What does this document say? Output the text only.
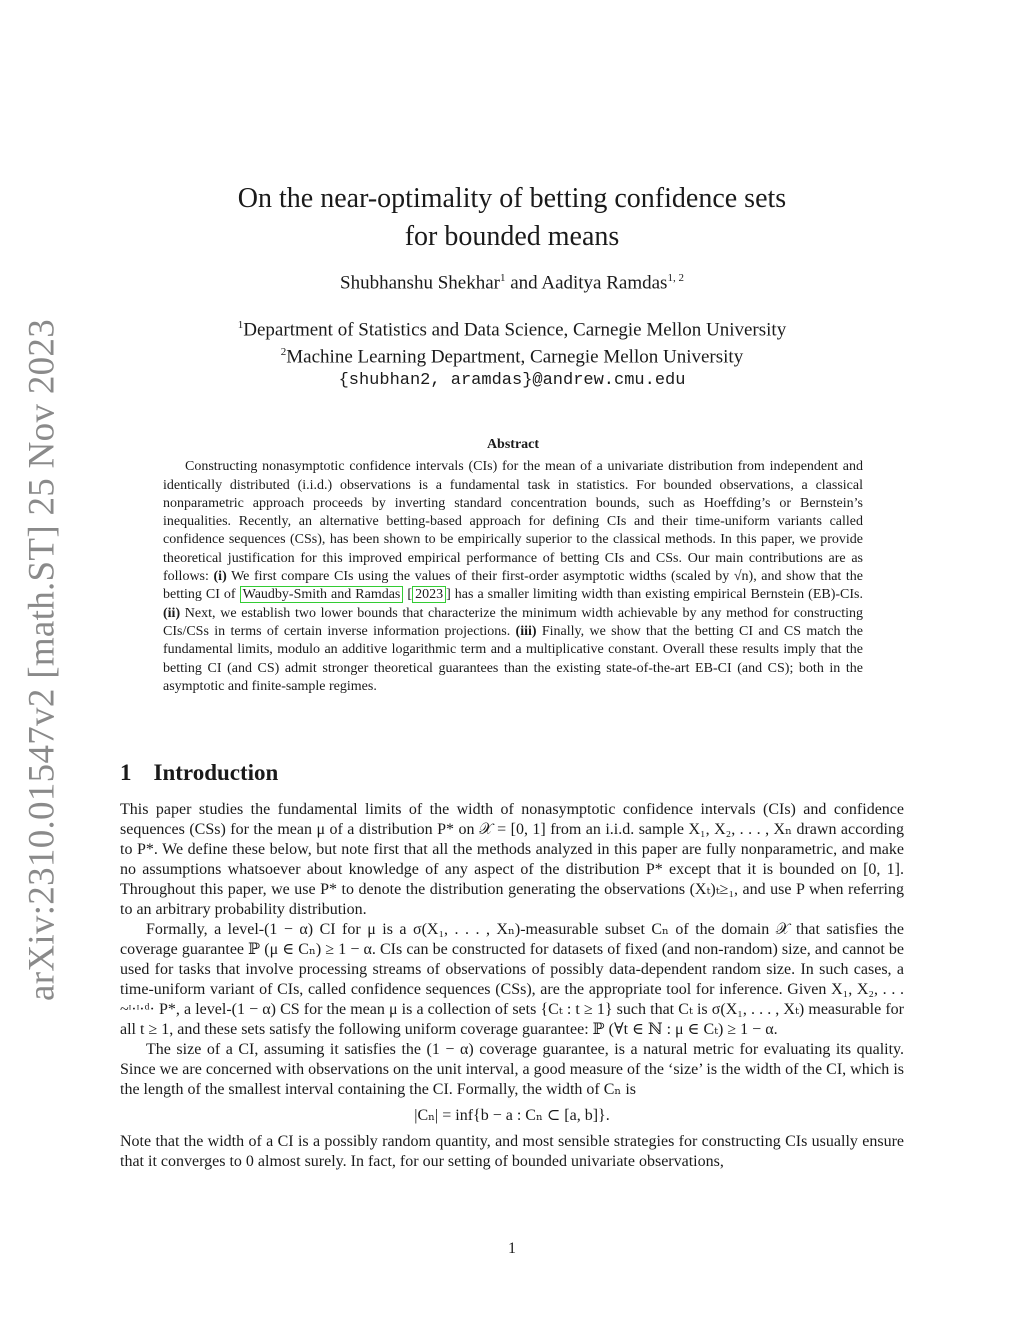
arXiv:2310.01547v2 [math.ST] 25 Nov 2023
On the near-optimality of betting confidence sets
for bounded means
Shubhanshu Shekhar$^1$ and Aaditya Ramdas$^{1, 2}$
$^1$Department of Statistics and Data Science, Carnegie Mellon University
$^2$Machine Learning Department, Carnegie Mellon University
{shubhan2, aramdas}@andrew.cmu.edu
Abstract

Constructing nonasymptotic confidence intervals (CIs) for the mean of a univariate distribution from independent and identically distributed (i.i.d.) observations is a fundamental task in statistics. For bounded observations, a classical nonparametric approach proceeds by inverting standard concentration bounds, such as Hoeffding’s or Bernstein’s inequalities. Recently, an alternative betting-based approach for defining CIs and their time-uniform variants called confidence sequences (CSs), has been shown to be empirically superior to the classical methods. In this paper, we provide theoretical justification for this improved empirical performance of betting CIs and CSs. Our main contributions are as follows: (i) We first compare CIs using the values of their first-order asymptotic widths (scaled by √n), and show that the betting CI of Waudby-Smith and Ramdas [ 2023 ] has a smaller limiting width than existing empirical Bernstein (EB)-CIs. (ii) Next, we establish two lower bounds that characterize the minimum width achievable by any method for constructing CIs/CSs in terms of certain inverse information projections. (iii) Finally, we show that the betting CI and CS match the fundamental limits, modulo an additive logarithmic term and a multiplicative constant. Overall these results imply that the betting CI (and CS) admit stronger theoretical guarantees than the existing state-of-the-art EB-CI (and CS); both in the asymptotic and finite-sample regimes.

1 Introduction

This paper studies the fundamental limits of the width of nonasymptotic confidence intervals (CIs) and confidence sequences (CSs) for the mean μ of a distribution P* on 𝒳 = [0, 1] from an i.i.d. sample X₁, X₂, . . . , Xₙ drawn according to P*. We define these below, but note first that all the methods analyzed in this paper are fully nonparametric, and make no assumptions whatsoever about knowledge of any aspect of the distribution P* except that it is bounded on [0, 1]. Throughout this paper, we use P* to denote the distribution generating the observations (Xₜ)ₜ≥₁, and use P when referring to an arbitrary probability distribution.

Formally, a level-(1 − α) CI for μ is a σ(X₁, . . . , Xₙ)-measurable subset Cₙ of the domain 𝒳 that satisfies the coverage guarantee ℙ (μ ∈ Cₙ) ≥ 1 − α. CIs can be constructed for datasets of fixed (and non-random) size, and cannot be used for tasks that involve processing streams of observations of possibly data-dependent random size. In such cases, a time-uniform variant of CIs, called confidence sequences (CSs), are the appropriate tool for inference. Given X₁, X₂, . . . ~ᶦ·ᶦ·ᵈ· P*, a level-(1 − α) CS for the mean μ is a collection of sets {Cₜ : t ≥ 1} such that Cₜ is σ(X₁, . . . , Xₜ) measurable for all t ≥ 1, and these sets satisfy the following uniform coverage guarantee: ℙ (∀t ∈ ℕ : μ ∈ Cₜ) ≥ 1 − α.

The size of a CI, assuming it satisfies the (1 − α) coverage guarantee, is a natural metric for evaluating its quality. Since we are concerned with observations on the unit interval, a good measure of the ‘size’ is the width of the CI, which is the length of the smallest interval containing the CI. Formally, the width of Cₙ is

|Cₙ| = inf{b − a : Cₙ ⊂ [a, b]}.

Note that the width of a CI is a possibly random quantity, and most sensible strategies for constructing CIs usually ensure that it converges to 0 almost surely. In fact, for our setting of bounded univariate observations,

1
